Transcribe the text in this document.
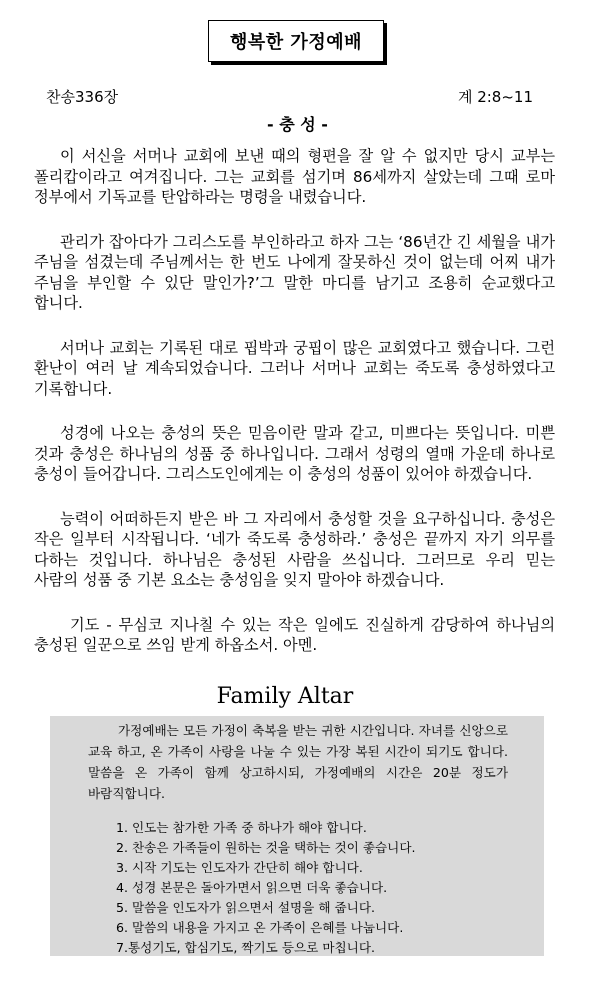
행복한 가정예배
찬송336장	계 2:8~11
- 충 성 -

이 서신을 서머나 교회에 보낸 때의 형편을 잘 알 수 없지만 당시 교부는 폴리캅이라고 여겨집니다. 그는 교회를 섬기며 86세까지 살았는데 그때 로마 정부에서 기독교를 탄압하라는 명령을 내렸습니다.

관리가 잡아다가 그리스도를 부인하라고 하자 그는 ‘86년간 긴 세월을 내가 주님을 섬겼는데 주님께서는 한 번도 나에게 잘못하신 것이 없는데 어찌 내가 주님을 부인할 수 있단 말인가?’그 말한 마디를 남기고 조용히 순교했다고 합니다.

서머나 교회는 기록된 대로 핍박과 궁핍이 많은 교회였다고 했습니다. 그런 환난이 여러 날 계속되었습니다. 그러나 서머나 교회는 죽도록 충성하였다고 기록합니다.

성경에 나오는 충성의 뜻은 믿음이란 말과 같고, 미쁘다는 뜻입니다. 미쁜 것과 충성은 하나님의 성품 중 하나입니다. 그래서 성령의 열매 가운데 하나로 충성이 들어갑니다. 그리스도인에게는 이 충성의 성품이 있어야 하겠습니다.

능력이 어떠하든지 받은 바 그 자리에서 충성할 것을 요구하십니다. 충성은 작은 일부터 시작됩니다. ‘네가 죽도록 충성하라.’ 충성은 끝까지 자기 의무를 다하는 것입니다. 하나님은 충성된 사람을 쓰십니다. 그러므로 우리 믿는 사람의 성품 중 기본 요소는 충성임을 잊지 말아야 하겠습니다.

기도 - 무심코 지나칠 수 있는 작은 일에도 진실하게 감당하여 하나님의 충성된 일꾼으로 쓰임 받게 하옵소서. 아멘.

Family Altar
가정예배는 모든 가정이 축복을 받는 귀한 시간입니다. 자녀를 신앙으로 교육 하고, 온 가족이 사랑을 나눌 수 있는 가장 복된 시간이 되기도 합니다. 말씀을 온 가족이 함께 상고하시되, 가정예배의 시간은 20분 정도가 바람직합니다.
1. 인도는 참가한 가족 중 하나가 해야 합니다.
2. 찬송은 가족들이 원하는 것을 택하는 것이 좋습니다.
3. 시작 기도는 인도자가 간단히 해야 합니다.
4. 성경 본문은 돌아가면서 읽으면 더욱 좋습니다.
5. 말씀을 인도자가 읽으면서 설명을 해 줍니다.
6. 말씀의 내용을 가지고 온 가족이 은혜를 나눕니다.
7.통성기도, 합심기도, 짝기도 등으로 마칩니다.
